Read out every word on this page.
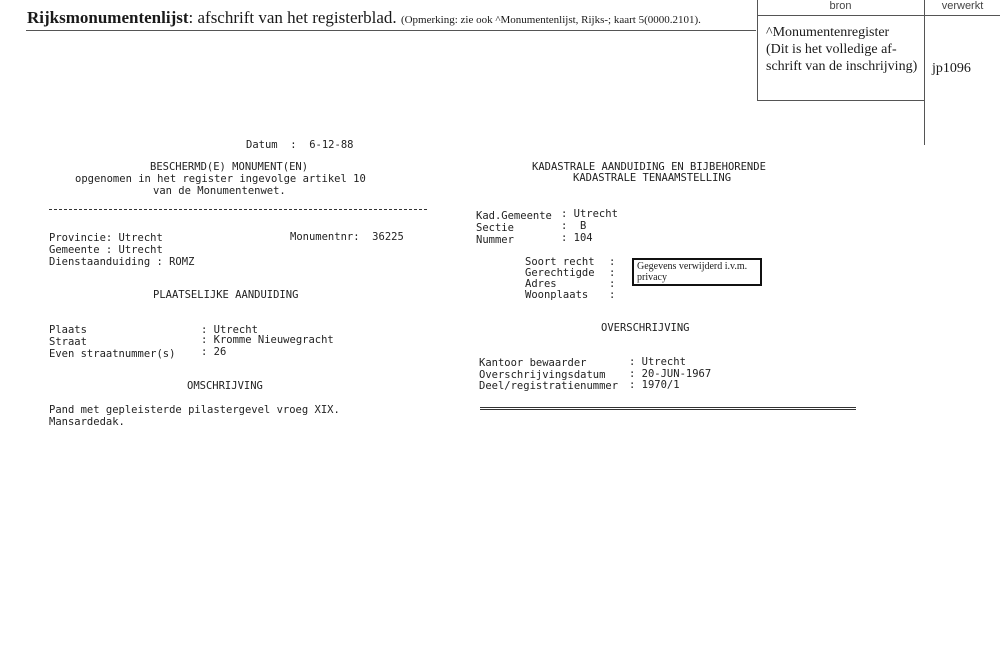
Rijksmonumentenlijst: afschrift van het registerblad. (Opmerking: zie ook ^Monumentenlijst, Rijks-; kaart 5(0000.2101).
bron	verwerkt
^Monumentenregister
(Dit is het volledige af-
schrift van de inschrijving) jp1096
Datum  :  6-12-88
BESCHERMD(E) MONUMENT(EN)
opgenomen in het register ingevolge artikel 10
van de Monumentenwet.
Provincie: Utrecht	Monumentnr:  36225
Gemeente : Utrecht
Dienstaanduiding : ROMZ
PLAATSELIJKE AANDUIDING
Plaats	: Utrecht
Straat	: Kromme Nieuwegracht
Even straatnummer(s) : 26
OMSCHRIJVING
Pand met gepleisterde pilastergevel vroeg XIX.
Mansardedak.
KADASTRALE AANDUIDING EN BIJBEHORENDE
KADASTRALE TENAAMSTELLING
Kad.Gemeente : Utrecht
Sectie	:  B
Nummer	: 104
Soort recht :
Gerechtigde :
Adres	:
Woonplaats :
Gegevens verwijderd i.v.m. privacy
OVERSCHRIJVING
Kantoor bewaarder	: Utrecht
Overschrijvingsdatum : 20-JUN-1967
Deel/registratienummer : 1970/1
